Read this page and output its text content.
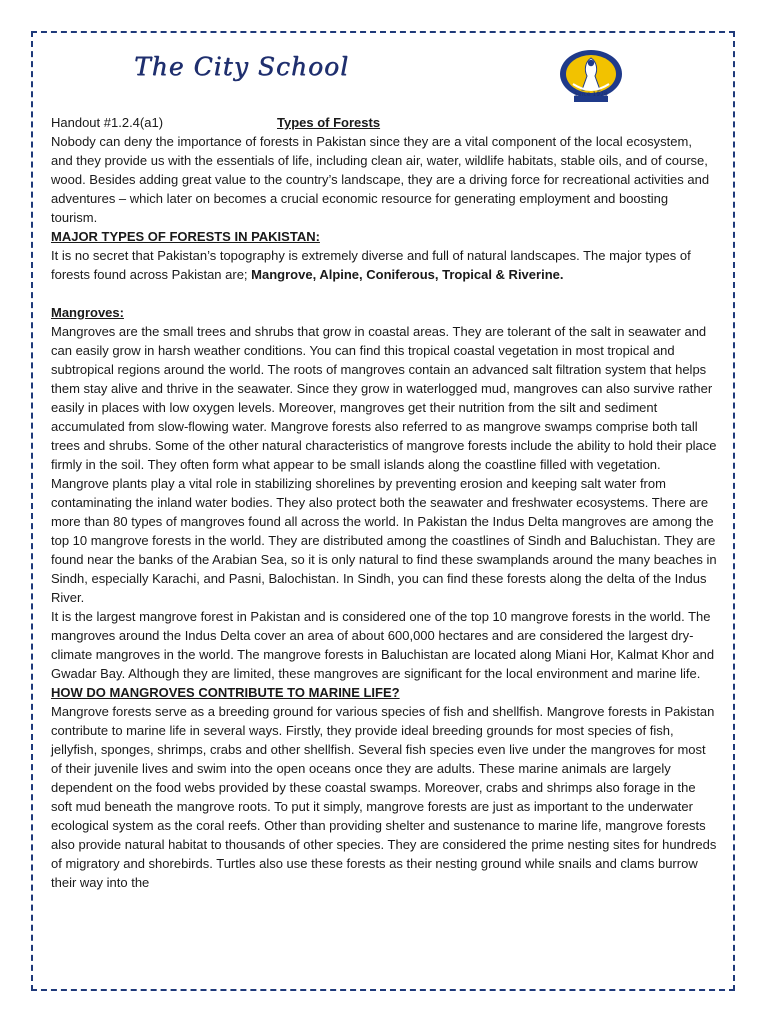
The City School
Since 1978
Handout #1.2.4(a1)	Types of Forests

Nobody can deny the importance of forests in Pakistan since they are a vital component of the local ecosystem, and they provide us with the essentials of life, including clean air, water, wildlife habitats, stable oils, and of course, wood. Besides adding great value to the country’s landscape, they are a driving force for recreational activities and adventures – which later on becomes a crucial economic resource for generating employment and boosting tourism.

MAJOR TYPES OF FORESTS IN PAKISTAN:

It is no secret that Pakistan’s topography is extremely diverse and full of natural landscapes. The major types of forests found across Pakistan are; Mangrove, Alpine, Coniferous, Tropical & Riverine.

Mangroves:

Mangroves are the small trees and shrubs that grow in coastal areas. They are tolerant of the salt in seawater and can easily grow in harsh weather conditions. You can find this tropical coastal vegetation in most tropical and subtropical regions around the world. The roots of mangroves contain an advanced salt filtration system that helps them stay alive and thrive in the seawater. Since they grow in waterlogged mud, mangroves can also survive rather easily in places with low oxygen levels. Moreover, mangroves get their nutrition from the silt and sediment accumulated from slow-flowing water. Mangrove forests also referred to as mangrove swamps comprise both tall trees and shrubs. Some of the other natural characteristics of mangrove forests include the ability to hold their place firmly in the soil. They often form what appear to be small islands along the coastline filled with vegetation. Mangrove plants play a vital role in stabilizing shorelines by preventing erosion and keeping salt water from contaminating the inland water bodies. They also protect both the seawater and freshwater ecosystems. There are more than 80 types of mangroves found all across the world. In Pakistan the Indus Delta mangroves are among the top 10 mangrove forests in the world. They are distributed among the coastlines of Sindh and Baluchistan. They are found near the banks of the Arabian Sea, so it is only natural to find these swamplands around the many beaches in Sindh, especially Karachi, and Pasni, Balochistan. In Sindh, you can find these forests along the delta of the Indus River.

It is the largest mangrove forest in Pakistan and is considered one of the top 10 mangrove forests in the world. The mangroves around the Indus Delta cover an area of about 600,000 hectares and are considered the largest dry-climate mangroves in the world. The mangrove forests in Baluchistan are located along Miani Hor, Kalmat Khor and Gwadar Bay. Although they are limited, these mangroves are significant for the local environment and marine life.

HOW DO MANGROVES CONTRIBUTE TO MARINE LIFE?

Mangrove forests serve as a breeding ground for various species of fish and shellfish. Mangrove forests in Pakistan contribute to marine life in several ways. Firstly, they provide ideal breeding grounds for most species of fish, jellyfish, sponges, shrimps, crabs and other shellfish. Several fish species even live under the mangroves for most of their juvenile lives and swim into the open oceans once they are adults. These marine animals are largely dependent on the food webs provided by these coastal swamps. Moreover, crabs and shrimps also forage in the soft mud beneath the mangrove roots. To put it simply, mangrove forests are just as important to the underwater ecological system as the coral reefs. Other than providing shelter and sustenance to marine life, mangrove forests also provide natural habitat to thousands of other species. They are considered the prime nesting sites for hundreds of migratory and shorebirds. Turtles also use these forests as their nesting ground while snails and clams burrow their way into the
